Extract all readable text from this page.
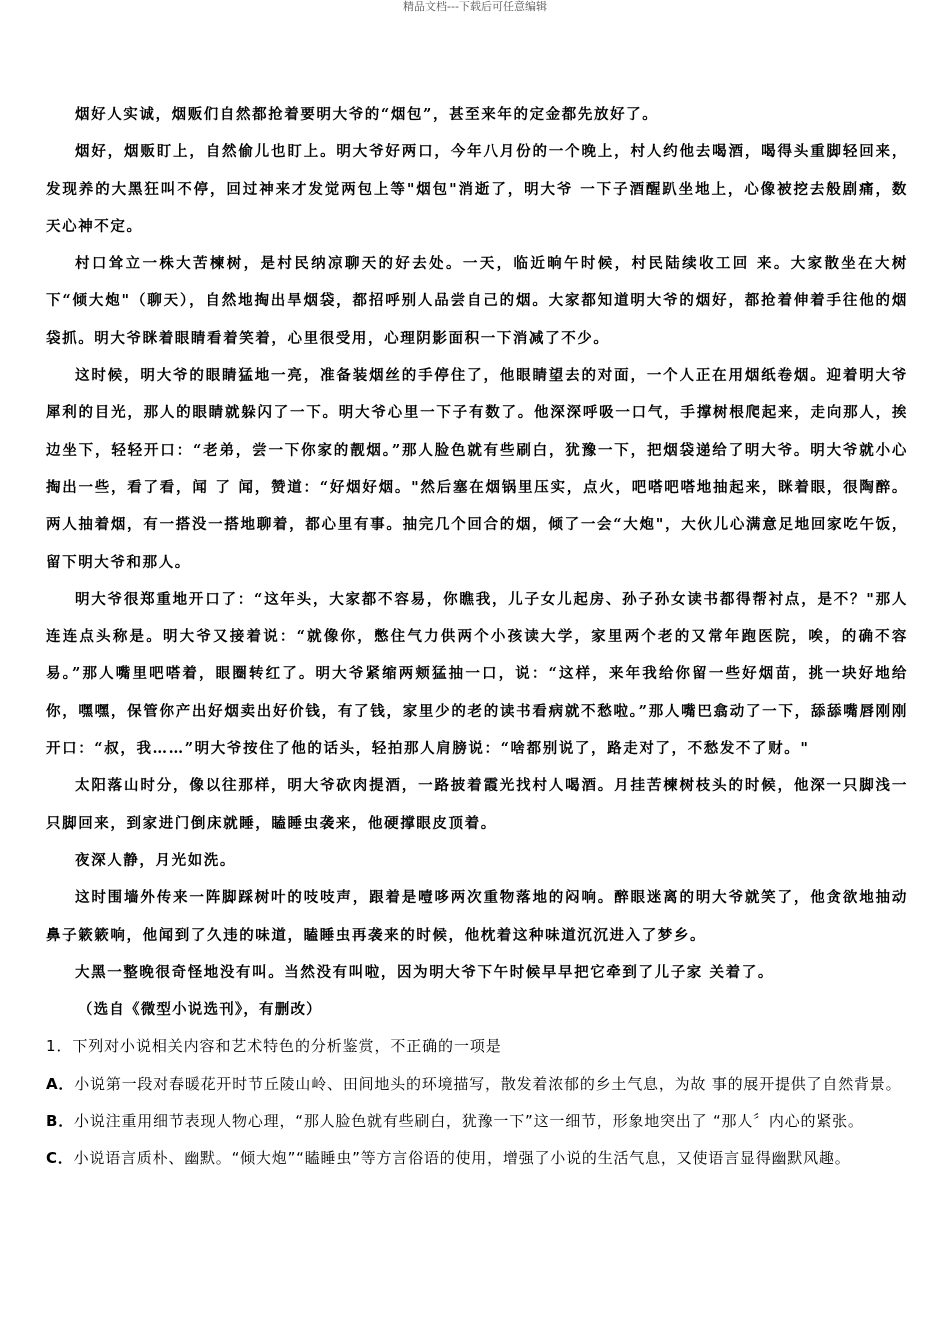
精品文档---下载后可任意编辑

烟好人实诚，烟贩们自然都抢着要明大爷的“烟包”，甚至来年的定金都先放好了。

烟好，烟贩盯上，自然偷儿也盯上。明大爷好两口，今年八月份的一个晚上，村人约他去喝酒，喝得头重脚轻回来，发现养的大黑狂叫不停，回过神来才发觉两包上等"烟包"消逝了，明大爷 一下子酒醒趴坐地上，心像被挖去般剧痛，数天心神不定。

村口耸立一株大苦楝树，是村民纳凉聊天的好去处。一天，临近晌午时候，村民陆续收工回 来。大家散坐在大树下“倾大炮"（聊天），自然地掏出旱烟袋，都招呼别人品尝自己的烟。大家都知道明大爷的烟好，都抢着伸着手往他的烟袋抓。明大爷眯着眼睛看着笑着，心里很受用，心理阴影面积一下消减了不少。

这时候，明大爷的眼睛猛地一亮，准备装烟丝的手停住了，他眼睛望去的对面，一个人正在用烟纸卷烟。迎着明大爷犀利的目光，那人的眼睛就躲闪了一下。明大爷心里一下子有数了。他深深呼吸一口气，手撑树根爬起来，走向那人，挨边坐下，轻轻开口：“老弟，尝一下你家的靓烟。”那人脸色就有些刷白，犹豫一下，把烟袋递给了明大爷。明大爷就小心掏出一些，看了看，闻 了 闻，赞道：“好烟好烟。"然后塞在烟锅里压实，点火，吧嗒吧嗒地抽起来，眯着眼，很陶醉。两人抽着烟，有一搭没一搭地聊着，都心里有事。抽完几个回合的烟，倾了一会“大炮"，大伙儿心满意足地回家吃午饭，留下明大爷和那人。

明大爷很郑重地开口了：“这年头，大家都不容易，你瞧我，儿子女儿起房、孙子孙女读书都得帮衬点，是不？"那人连连点头称是。明大爷又接着说：“就像你，憋住气力供两个小孩读大学，家里两个老的又常年跑医院，唉，的确不容易。”那人嘴里吧嗒着，眼圈转红了。明大爷紧缩两颊猛抽一口，说：“这样，来年我给你留一些好烟苗，挑一块好地给你，嘿嘿，保管你产出好烟卖出好价钱，有了钱，家里少的老的读书看病就不愁啦。”那人嘴巴翕动了一下，舔舔嘴唇刚刚开口：“叔，我……”明大爷按住了他的话头，轻拍那人肩膀说：“啥都别说了，路走对了，不愁发不了财。"

太阳落山时分，像以往那样，明大爷砍肉提酒，一路披着霞光找村人喝酒。月挂苦楝树枝头的时候，他深一只脚浅一只脚回来，到家进门倒床就睡，瞌睡虫袭来，他硬撑眼皮顶着。

夜深人静，月光如洗。

这时围墙外传来一阵脚踩树叶的吱吱声，跟着是噎哆两次重物落地的闷响。醉眼迷离的明大爷就笑了，他贪欲地抽动鼻子簌簌响，他闻到了久违的味道，瞌睡虫再袭来的时候，他枕着这种味道沉沉进入了梦乡。

大黑一整晚很奇怪地没有叫。当然没有叫啦，因为明大爷下午时候早早把它牵到了儿子家 关着了。

（选自《微型小说选刊》，有删改）

1．下列对小说相关内容和艺术特色的分析鉴赏，不正确的一项是

A．小说第一段对春暖花开时节丘陵山岭、田间地头的环境描写，散发着浓郁的乡土气息，为故 事的展开提供了自然背景。

B．小说注重用细节表现人物心理，“那人脸色就有些刷白，犹豫一下”这一细节，形象地突出了 “那人〞内心的紧张。

C．小说语言质朴、幽默。“倾大炮”“瞌睡虫”等方言俗语的使用，增强了小说的生活气息，又使语言显得幽默风趣。
